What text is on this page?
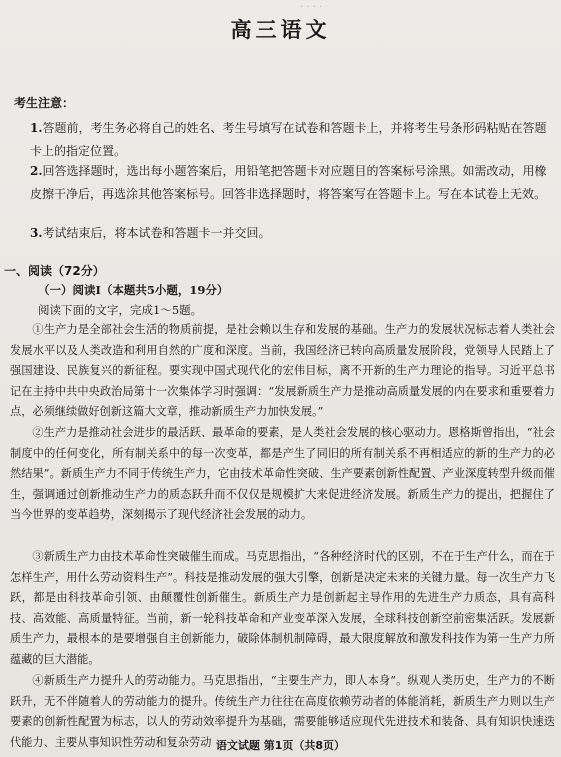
· · · ·
高三语文
考生注意：
1.答题前，考生务必将自己的姓名、考生号填写在试卷和答题卡上，并将考生号条形码粘贴在答题卡上的指定位置。
2.回答选择题时，选出每小题答案后，用铅笔把答题卡对应题目的答案标号涂黑。如需改动，用橡皮擦干净后，再选涂其他答案标号。回答非选择题时，将答案写在答题卡上。写在本试卷上无效。
3.考试结束后，将本试卷和答题卡一并交回。
一、阅读（72分）
（一）阅读Ⅰ（本题共5小题，19分）
阅读下面的文字，完成1～5题。
①生产力是全部社会生活的物质前提，是社会赖以生存和发展的基础。生产力的发展状况标志着人类社会发展水平以及人类改造和利用自然的广度和深度。当前，我国经济已转向高质量发展阶段，党领导人民踏上了强国建设、民族复兴的新征程。要实现中国式现代化的宏伟目标，离不开新的生产力理论的指导。习近平总书记在主持中共中央政治局第十一次集体学习时强调：“发展新质生产力是推动高质量发展的内在要求和重要着力点，必须继续做好创新这篇大文章，推动新质生产力加快发展。”
②生产力是推动社会进步的最活跃、最革命的要素，是人类社会发展的核心驱动力。恩格斯曾指出，“社会制度中的任何变化，所有制关系中的每一次变革，都是产生了同旧的所有制关系不再相适应的新的生产力的必然结果”。新质生产力不同于传统生产力，它由技术革命性突破、生产要素创新性配置、产业深度转型升级而催生，强调通过创新推动生产力的质态跃升而不仅仅是规模扩大来促进经济发展。新质生产力的提出，把握住了当今世界的变革趋势，深刻揭示了现代经济社会发展的动力。
③新质生产力由技术革命性突破催生而成。马克思指出，“各种经济时代的区别，不在于生产什么，而在于怎样生产，用什么劳动资料生产”。科技是推动发展的强大引擎，创新是决定未来的关键力量。每一次生产力飞跃，都是由科技革命引领、由颠覆性创新催生。新质生产力是创新起主导作用的先进生产力质态，具有高科技、高效能、高质量特征。当前，新一轮科技革命和产业变革深入发展，全球科技创新空前密集活跃。发展新质生产力，最根本的是要增强自主创新能力，破除体制机制障碍，最大限度解放和激发科技作为第一生产力所蕴藏的巨大潜能。
④新质生产力提升人的劳动能力。马克思指出，“主要生产力，即人本身”。纵观人类历史，生产力的不断跃升，无不伴随着人的劳动能力的提升。传统生产力往往在高度依赖劳动者的体能消耗，新质生产力则以生产要素的创新性配置为标志，以人的劳动效率提升为基础，需要能够适应现代先进技术和装备、具有知识快速迭代能力、主要从事知识性劳动和复杂劳动 语文试题 第1页（共8页）
